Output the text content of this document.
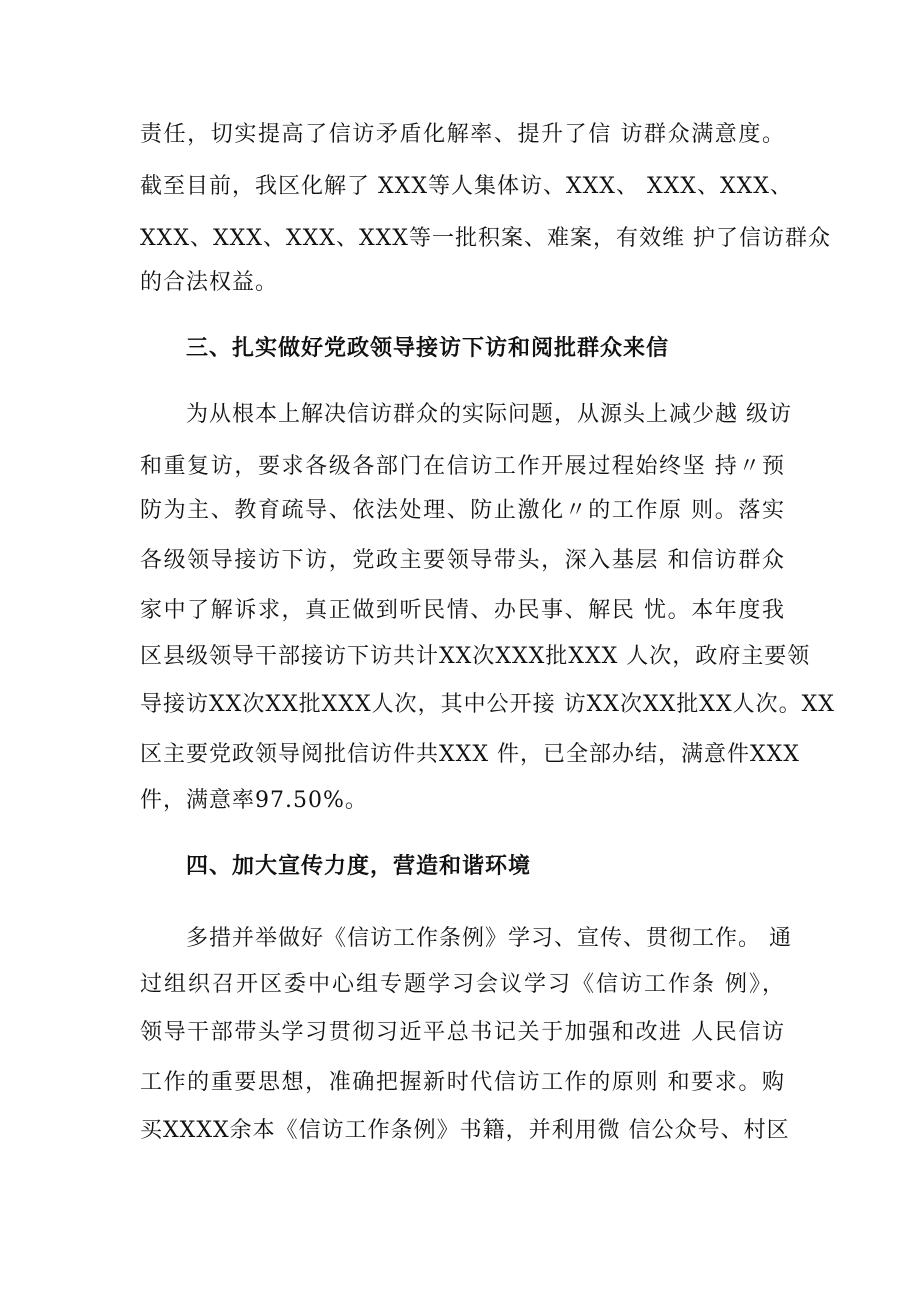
责任，切实提高了信访矛盾化解率、提升了信 访群众满意度。
截至目前，我区化解了 XXX等人集体访、XXX、 XXX、XXX、
XXX、XXX、XXX、XXX等一批积案、难案，有效维 护了信访群众
的合法权益。
三、扎实做好党政领导接访下访和阅批群众来信
为从根本上解决信访群众的实际问题，从源头上减少越 级访
和重复访，要求各级各部门在信访工作开展过程始终坚 持〃预
防为主、教育疏导、依法处理、防止激化〃的工作原 则。落实
各级领导接访下访，党政主要领导带头，深入基层 和信访群众
家中了解诉求，真正做到听民情、办民事、解民 忧。本年度我
区县级领导干部接访下访共计XX次XXX批XXX 人次，政府主要领
导接访XX次XX批XXX人次，其中公开接 访XX次XX批XX人次。XX
区主要党政领导阅批信访件共XXX 件，已全部办结，满意件XXX
件，满意率97.50%。
四、加大宣传力度，营造和谐环境
多措并举做好《信访工作条例》学习、宣传、贯彻工作。 通
过组织召开区委中心组专题学习会议学习《信访工作条 例》，
领导干部带头学习贯彻习近平总书记关于加强和改进 人民信访
工作的重要思想，准确把握新时代信访工作的原则 和要求。购
买XXXX余本《信访工作条例》书籍，并利用微 信公众号、村区
